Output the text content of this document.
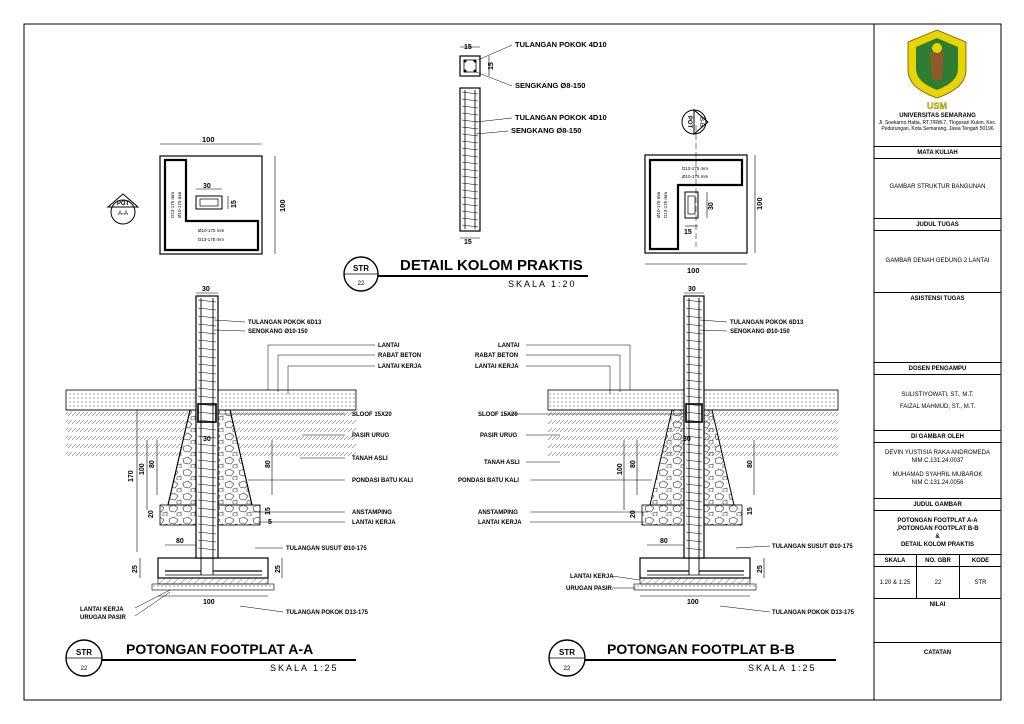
15
15
TULANGAN POKOK 4D10
SENGKANG Ø8-150
15
TULANGAN POKOK 4D10
SENGKANG Ø8-150
STR
22
DETAIL KOLOM PRAKTIS
SKALA 1:20
100
100
30
15
D13-175 mm Ø10-175 mm
Ø10-175 mm
D13-175 mm
POT
A-A
100
100
30
15
D13-175 mm
Ø10-175 mm
Ø10-175 mm D13-175 mm
POT B-B
30
30
170
100 80	80
20	15
5
80
25	25
100
TULANGAN POKOK 6D13
SENGKANG Ø10-150
LANTAI
RABAT BETON
LANTAI KERJA
SLOOF 15X20
PASIR URUG
TANAH ASLI
PONDASI BATU KALI
ANSTAMPING
LANTAI KERJA
TULANGAN SUSUT Ø10-175
TULANGAN POKOK D13-175
LANTAI KERJA
URUGAN PASIR
30
30
100 80	80
20	15
80
25
100
TULANGAN POKOK 6D13
SENGKANG Ø10-150
LANTAI
RABAT BETON
LANTAI KERJA
SLOOF 15X20
PASIR URUG
TANAH ASLI
PONDASI BATU KALI
ANSTAMPING
LANTAI KERJA
TULANGAN SUSUT Ø10-175
TULANGAN POKOK D13-175
LANTAI KERJA
URUGAN PASIR
STR
22
POTONGAN FOOTPLAT A-A
SKALA 1:25
STR
22
POTONGAN FOOTPLAT B-B
SKALA 1:25
USM
UNIVERSITAS SEMARANG
Jl. Soekarno Hatta, RT.7/RW.7, Tlogosari Kulon, Kec.
Pedurungan, Kota Semarang, Jawa Tengah 50196
MATA KULIAH
GAMBAR STRUKTUR BANGUNAN
JUDUL TUGAS
GAMBAR DENAH GEDUNG 2 LANTAI
ASISTENSI TUGAS
DOSEN PENGAMPU
SULISTIYOWATI, ST., M.T.
FAIZAL MAHMUD, ST., M.T.
DI GAMBAR OLEH
DEVIN YUSTISIA RAKA ANDROMEDA
NIM C.131.24.0037
MUHAMAD SYAHRIL MUBAROK
NIM C.131.24.0056
JUDUL GAMBAR
POTONGAN FOOTPLAT A-A
,POTONGAN FOOTPLAT B-B
&
DETAIL KOLOM PRAKTIS
SKALA	NO. GBR	KODE
1:20 & 1:25	22	STR
NILAI
CATATAN
